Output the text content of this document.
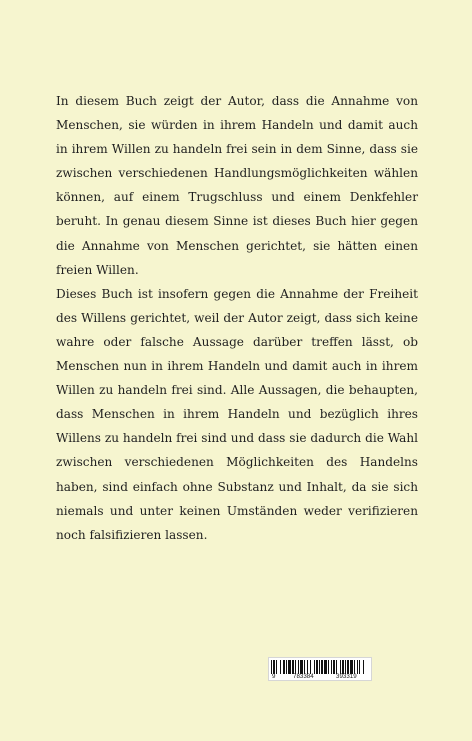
In diesem Buch zeigt der Autor, dass die Annahme von Menschen, sie würden in ihrem Handeln und damit auch in ihrem Willen zu handeln frei sein in dem Sinne, dass sie zwischen verschiedenen Handlungsmöglichkeiten wählen können, auf einem Trugschluss und einem Denkfehler beruht. In genau diesem Sinne ist dieses Buch hier gegen die Annahme von Menschen gerichtet, sie hätten einen freien Willen.

Dieses Buch ist insofern gegen die Annahme der Freiheit des Willens gerichtet, weil der Autor zeigt, dass sich keine wahre oder falsche Aussage darüber treffen lässt, ob Menschen nun in ihrem Handeln und damit auch in ihrem Willen zu handeln frei sind. Alle Aussagen, die behaupten, dass Menschen in ihrem Handeln und bezüglich ihres Willens zu handeln frei sind und dass sie dadurch die Wahl zwischen verschiedenen Möglichkeiten des Handelns haben, sind einfach ohne Substanz und Inhalt, da sie sich niemals und unter keinen Umständen weder verifizieren noch falsifizieren lassen.

9	783384	393319
